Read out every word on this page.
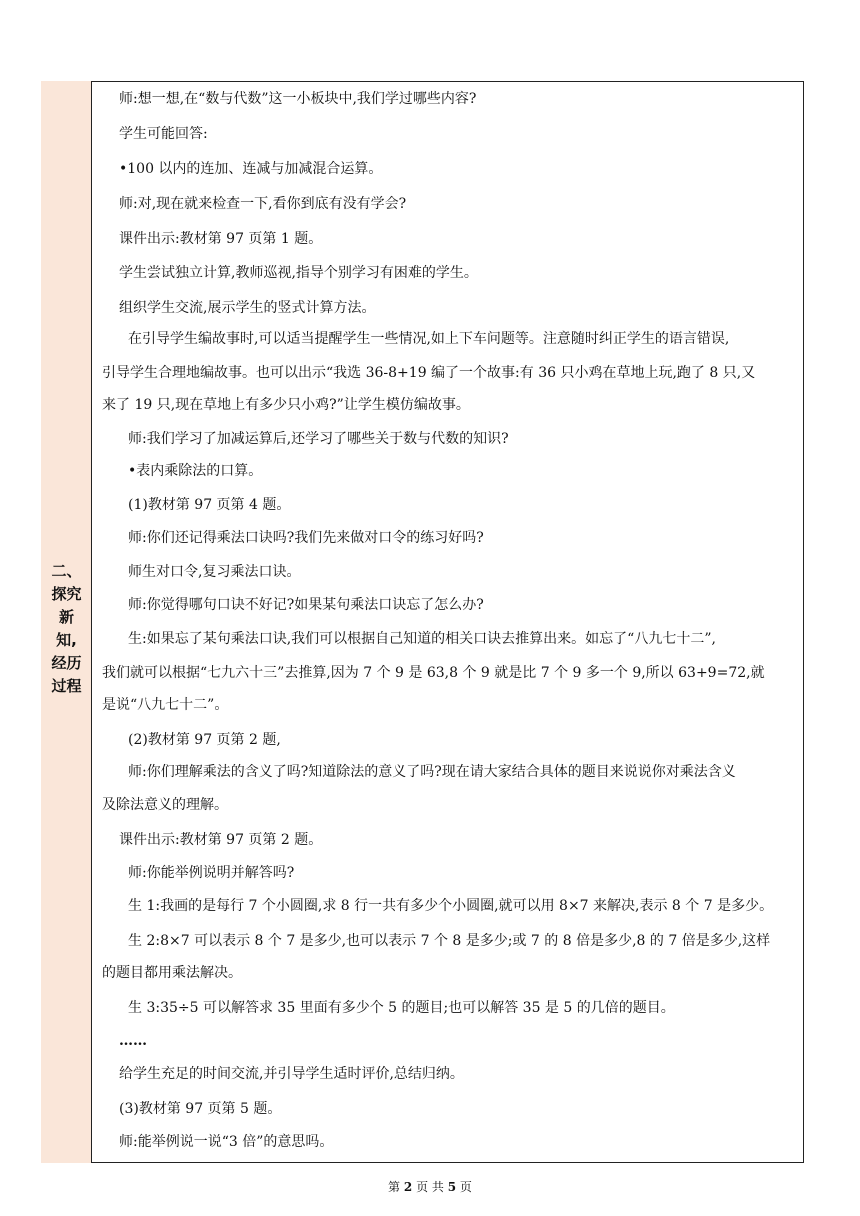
二、
探究
新
知,
经历
过程
师:想一想,在“数与代数”这一小板块中,我们学过哪些内容?
学生可能回答:
•100 以内的连加、连减与加减混合运算。
师:对,现在就来检查一下,看你到底有没有学会?
课件出示:教材第 97 页第 1 题。
学生尝试独立计算,教师巡视,指导个别学习有困难的学生。
组织学生交流,展示学生的竖式计算方法。
在引导学生编故事时,可以适当提醒学生一些情况,如上下车问题等。注意随时纠正学生的语言错误,
引导学生合理地编故事。也可以出示“我选 36-8+19 编了一个故事:有 36 只小鸡在草地上玩,跑了 8 只,又
来了 19 只,现在草地上有多少只小鸡?”让学生模仿编故事。
师:我们学习了加减运算后,还学习了哪些关于数与代数的知识?
•表内乘除法的口算。
(1)教材第 97 页第 4 题。
师:你们还记得乘法口诀吗?我们先来做对口令的练习好吗?
师生对口令,复习乘法口诀。
师:你觉得哪句口诀不好记?如果某句乘法口诀忘了怎么办?
生:如果忘了某句乘法口诀,我们可以根据自己知道的相关口诀去推算出来。如忘了“八九七十二”,
我们就可以根据“七九六十三”去推算,因为 7 个 9 是 63,8 个 9 就是比 7 个 9 多一个 9,所以 63+9=72,就
是说“八九七十二”。
(2)教材第 97 页第 2 题,
师:你们理解乘法的含义了吗?知道除法的意义了吗?现在请大家结合具体的题目来说说你对乘法含义
及除法意义的理解。
课件出示:教材第 97 页第 2 题。
师:你能举例说明并解答吗?
生 1:我画的是每行 7 个小圆圈,求 8 行一共有多少个小圆圈,就可以用 8×7 来解决,表示 8 个 7 是多少。
生 2:8×7 可以表示 8 个 7 是多少,也可以表示 7 个 8 是多少;或 7 的 8 倍是多少,8 的 7 倍是多少,这样
的题目都用乘法解决。
生 3:35÷5 可以解答求 35 里面有多少个 5 的题目;也可以解答 35 是 5 的几倍的题目。
……
给学生充足的时间交流,并引导学生适时评价,总结归纳。
(3)教材第 97 页第 5 题。
师:能举例说一说“3 倍”的意思吗。
第 2 页 共 5 页
